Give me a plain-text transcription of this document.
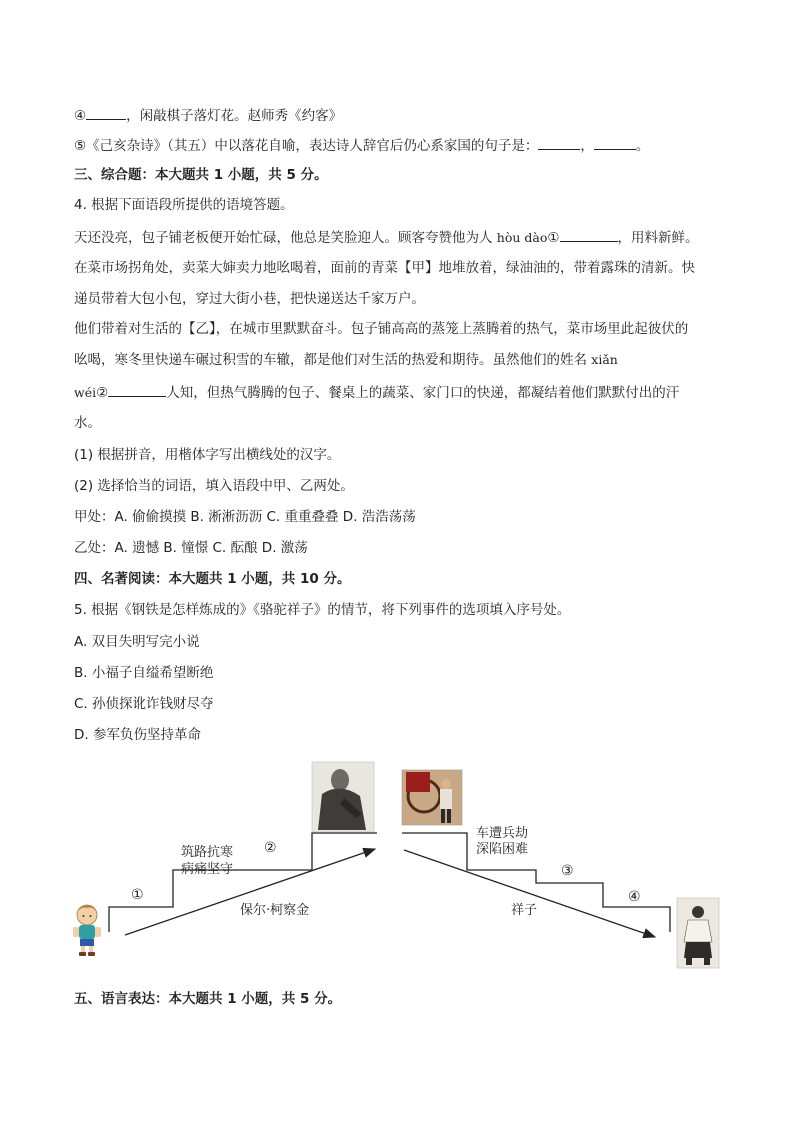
④	，闲敲棋子落灯花。赵师秀《约客》
⑤《己亥杂诗》（其五）中以落花自喻，表达诗人辞官后仍心系家国的句子是：	，	。
三、综合题：本大题共 1 小题，共 5 分。
4. 根据下面语段所提供的语境答题。
天还没亮，包子铺老板便开始忙碌，他总是笑脸迎人。顾客夸赞他为人 hòu dào①	，用料新鲜。
在菜市场拐角处，卖菜大婶卖力地吆喝着，面前的青菜【甲】地堆放着，绿油油的，带着露珠的清新。快
递员带着大包小包，穿过大街小巷，把快递送达千家万户。
他们带着对生活的【乙】，在城市里默默奋斗。包子铺高高的蒸笼上蒸腾着的热气，菜市场里此起彼伏的
吆喝，寒冬里快递车碾过积雪的车辙，都是他们对生活的热爱和期待。虽然他们的姓名 xiǎn
wéi②	人知，但热气腾腾的包子、餐桌上的蔬菜、家门口的快递，都凝结着他们默默付出的汗
水。
(1) 根据拼音，用楷体字写出横线处的汉字。
(2) 选择恰当的词语，填入语段中甲、乙两处。
甲处：A. 偷偷摸摸 B. 淅淅沥沥 C. 重重叠叠 D. 浩浩荡荡
乙处：A. 遗憾 B. 憧憬 C. 酝酿 D. 激荡
四、名著阅读：本大题共 1 小题，共 10 分。
5. 根据《钢铁是怎样炼成的》《骆驼祥子》的情节，将下列事件的选项填入序号处。
A. 双目失明写完小说
B. 小福子自缢希望断绝
C. 孙侦探讹诈钱财尽夺
D. 参军负伤坚持革命
①
筑路抗寒
病痛坚守
②
保尔·柯察金
车遭兵劫
深陷困难
③
④
祥子
五、语言表达：本大题共 1 小题，共 5 分。
